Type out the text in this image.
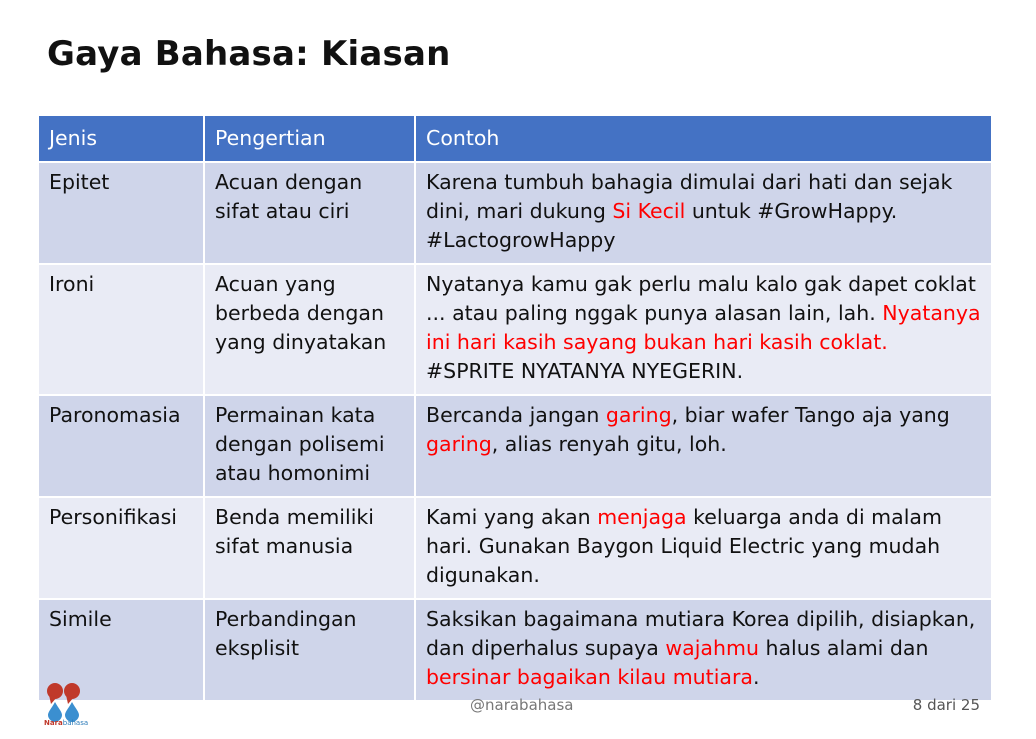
Gaya Bahasa: Kiasan
Jenis	Pengertian	Contoh
Epitet	Acuan dengan sifat atau ciri	Karena tumbuh bahagia dimulai dari hati dan sejak dini, mari dukung Si Kecil untuk #GrowHappy. #LactogrowHappy
Ironi	Acuan yang berbeda dengan yang dinyatakan	Nyatanya kamu gak perlu malu kalo gak dapet coklat ... atau paling nggak punya alasan lain, lah. Nyatanya ini hari kasih sayang bukan hari kasih coklat. #SPRITE NYATANYA NYEGERIN.
Paronomasia	Permainan kata dengan polisemi atau homonimi	Bercanda jangan garing, biar wafer Tango aja yang garing, alias renyah gitu, loh.
Personifikasi	Benda memiliki sifat manusia	Kami yang akan menjaga keluarga anda di malam hari. Gunakan Baygon Liquid Electric yang mudah digunakan.
Simile	Perbandingan eksplisit	Saksikan bagaimana mutiara Korea dipilih, disiapkan, dan diperhalus supaya wajahmu halus alami dan bersinar bagaikan kilau mutiara.
Narabahasa
@narabahasa	8 dari 25
